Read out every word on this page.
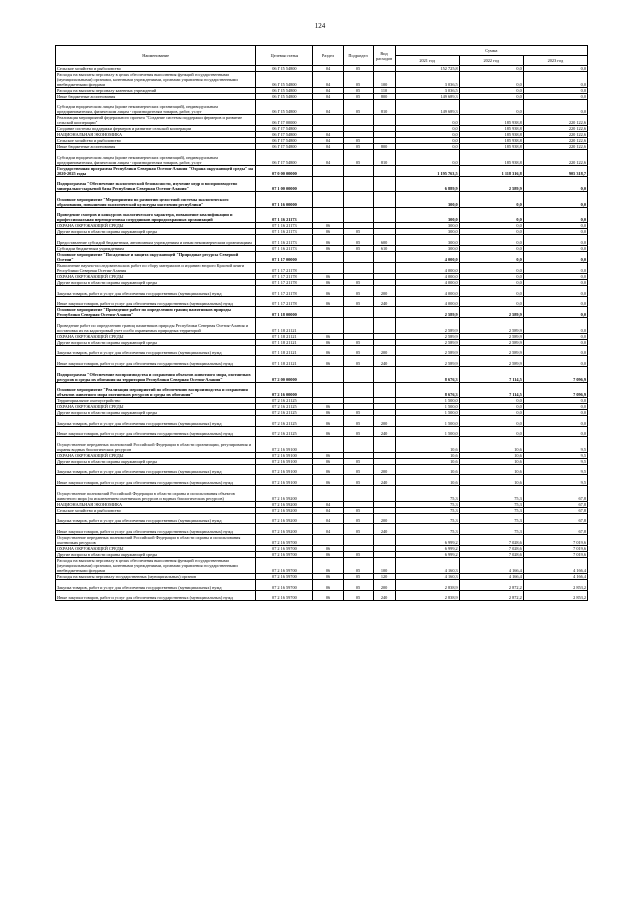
124
Наименование	Целевая статья	Раздел	Подраздел	Вид расходов	Сумма		
					2021 год	2022 год	2023 год
Сельское хозяйство и рыболовство	06 Г I5 54800	04	05		152 725,8	0,0	0,0
Расходы на выплаты персоналу в целях обеспечения выполнения функций государственными (муниципальными) органами, казенными учреждениями, органами управления государственными внебюджетными фондами	06 Г I5 54800	04	05	100	3 036,5	0,0	0,0
Расходы на выплаты персоналу казенных учреждений	06 Г I5 54800	04	05	110	3 036,5	0,0	0,0
Иные бюджетные ассигнования	06 Г I5 54800	04	05	800	149 689,3	0,0	0,0
Субсидии юридическим лицам (кроме некоммерческих организаций), индивидуальным предпринимателям, физическим лицам - производителям товаров, работ, услуг	06 Г I5 54800	04	05	810	149 689,3	0,0	0,0
Реализация мероприятий федерального проекта "Создание системы поддержки фермеров и развитие сельской кооперации"	06 Г I7 00000				0,0	185 938,8	220 122,6
Создание системы поддержки фермеров и развитие сельской кооперации	06 Г I7 54800				0,0	185 938,8	220 122,6
НАЦИОНАЛЬНАЯ ЭКОНОМИКА	06 Г I7 54800	04			0,0	185 938,8	220 122,6
Сельское хозяйство и рыболовство	06 Г I7 54800	04	05		0,0	185 938,8	220 122,6
Иные бюджетные ассигнования	06 Г I7 54800	04	05	800	0,0	185 938,8	220 122,6
Субсидии юридическим лицам (кроме некоммерческих организаций), индивидуальным предпринимателям, физическим лицам - производителям товаров, работ, услуг	06 Г I7 54800	04	05	810	0,0	185 938,8	220 122,6
Государственная программа Республики Северная Осетия-Алания "Охрана окружающей среды" на 2020-2025 годы	07 0 00 00000				1 195 763,5	1 118 316,8	905 318,7
Подпрограмма "Обеспечение экологической безопасности, изучение недр и воспроизводство минерально-сырьевой базы Республики Северная Осетия-Алания"	07 1 00 00000				6 889,9	2 589,9	0,0
Основное мероприятие "Мероприятия по развитию целостной системы экологического образования, повышения экологической культуры населения республики"	07 1 16 00000				300,0	0,0	0,0
Проведение смотров и конкурсов экологического характера, повышение квалификации и профессиональная переподготовка сотрудников природоохранных организаций	07 1 16 21173				300,0	0,0	0,0
ОХРАНА ОКРУЖАЮЩЕЙ СРЕДЫ	07 1 16 21173	06			300,0	0,0	0,0
Другие вопросы в области охраны окружающей среды	07 1 16 21173	06	05		300,0	0,0	0,0
Предоставление субсидий бюджетным, автономным учреждениям и иным некоммерческим организациям	07 1 16 21173	06	05	600	300,0	0,0	0,0
Субсидии бюджетным учреждениям	07 1 16 21173	06	05	610	300,0	0,0	0,0
Основное мероприятие "Посадочные и защита окружающей "Природные ресурсы Северной Осетии"	07 1 17 00000				4 000,0	0,0	0,0
Выполнение научно-исследовательских работ по сбору материалов и изданию второго Красной книги Республики Северная Осетия-Алания	07 1 17 21178				4 000,0	0,0	0,0
ОХРАНА ОКРУЖАЮЩЕЙ СРЕДЫ	07 1 17 21178	06			4 000,0	0,0	0,0
Другие вопросы в области охраны окружающей среды	07 1 17 21178	06	05		4 000,0	0,0	0,0
Закупка товаров, работ и услуг для обеспечения государственных (муниципальных) нужд	07 1 17 21178	06	05	200	4 000,0	0,0	0,0
Иные закупки товаров, работ и услуг для обеспечения государственных (муниципальных) нужд	07 1 17 21178	06	05	240	4 000,0	0,0	0,0
Основное мероприятие "Проведение работ по определению границ памятников природы Республики Северная Осетия-Алания"	07 1 18 00000				2 589,9	2 589,9	0,0
Проведение работ по определению границ памятников природы Республики Северная Осетия-Алания и постановка их на кадастровый учет особо охраняемых природных территорий	07 1 18 21121				2 589,9	2 589,9	0,0
ОХРАНА ОКРУЖАЮЩЕЙ СРЕДЫ	07 1 18 21121	06			2 589,9	2 589,9	0,0
Другие вопросы в области охраны окружающей среды	07 1 18 21121	06	05		2 589,9	2 589,9	0,0
Закупка товаров, работ и услуг для обеспечения государственных (муниципальных) нужд	07 1 18 21121	06	05	200	2 589,9	2 589,9	0,0
Иные закупки товаров, работ и услуг для обеспечения государственных (муниципальных) нужд	07 1 18 21121	06	05	240	2 589,9	2 589,9	0,0
Подпрограмма "Обеспечение воспроизводства и сохранения объектов животного мира, охотничьих ресурсов и среды их обитания на территории Республики Северная Осетия-Алания"	07 2 00 00000				8 676,3	7 114,5	7 096,9
Основное мероприятие "Реализация мероприятий по обеспечению воспроизводства и сохранения объектов животного мира охотничьих ресурсов и среды их обитания"	07 2 16 00000				8 676,3	7 114,5	7 096,9
Территориальное охотоустройство	07 2 16 21125				1 500,0	0,0	0,0
ОХРАНА ОКРУЖАЮЩЕЙ СРЕДЫ	07 2 16 21125	06			1 500,0	0,0	0,0
Другие вопросы в области охраны окружающей среды	07 2 16 21125	06	05		1 500,0	0,0	0,0
Закупка товаров, работ и услуг для обеспечения государственных (муниципальных) нужд	07 2 16 21125	06	05	200	1 500,0	0,0	0,0
Иные закупки товаров, работ и услуг для обеспечения государственных (муниципальных) нужд	07 2 16 21125	06	05	240	1 500,0	0,0	0,0
Осуществление переданных полномочий Российской Федерации в области организации, регулирования и охраны водных биологических ресурсов	07 2 16 59100				10,6	10,6	9,5
ОХРАНА ОКРУЖАЮЩЕЙ СРЕДЫ	07 2 16 59100	06			10,6	10,6	9,5
Другие вопросы в области охраны окружающей среды	07 2 16 59100	06	05		10,6	10,6	9,5
Закупка товаров, работ и услуг для обеспечения государственных (муниципальных) нужд	07 2 16 59100	06	05	200	10,6	10,6	9,5
Иные закупки товаров, работ и услуг для обеспечения государственных (муниципальных) нужд	07 2 16 59100	06	05	240	10,6	10,6	9,5
Осуществление полномочий Российской Федерации в области охраны и использования объектов животного мира (за исключением охотничьих ресурсов и водных биологических ресурсов)	07 2 16 59200				75,3	75,3	67,8
НАЦИОНАЛЬНАЯ ЭКОНОМИКА	07 2 16 59200	04			75,3	75,3	67,8
Сельское хозяйство и рыболовство	07 2 16 59200	04	05		75,3	75,3	67,8
Закупка товаров, работ и услуг для обеспечения государственных (муниципальных) нужд	07 2 16 59200	04	05	200	75,3	75,3	67,8
Иные закупки товаров, работ и услуг для обеспечения государственных (муниципальных) нужд	07 2 16 59200	04	05	240	75,3	75,3	67,8
Осуществление переданных полномочий Российской Федерации в области охраны и использования охотничьих ресурсов	07 2 16 59700				6 999,2	7 028,6	7 019,6
ОХРАНА ОКРУЖАЮЩЕЙ СРЕДЫ	07 2 16 59700	06			6 999,2	7 028,6	7 019,6
Другие вопросы в области охраны окружающей среды	07 2 16 59700	06	05		6 999,2	7 028,6	7 019,6
Расходы на выплаты персоналу в целях обеспечения выполнения функций государственными (муниципальными) органами, казенными учреждениями, органами управления государственными внебюджетными фондами	07 2 16 59700	06	05	100	4 160,3	4 166,4	4 166,4
Расходы на выплаты персоналу государственных (муниципальных) органов	07 2 16 59700	06	05	120	4 160,3	4 166,4	4 166,4
Закупка товаров, работ и услуг для обеспечения государственных (муниципальных) нужд	07 2 16 59700	06	05	200	2 838,9	2 872,2	2 853,2
Иные закупки товаров, работ и услуг для обеспечения государственных (муниципальных) нужд	07 2 16 59700	06	05	240	2 838,9	2 872,2	2 853,2
